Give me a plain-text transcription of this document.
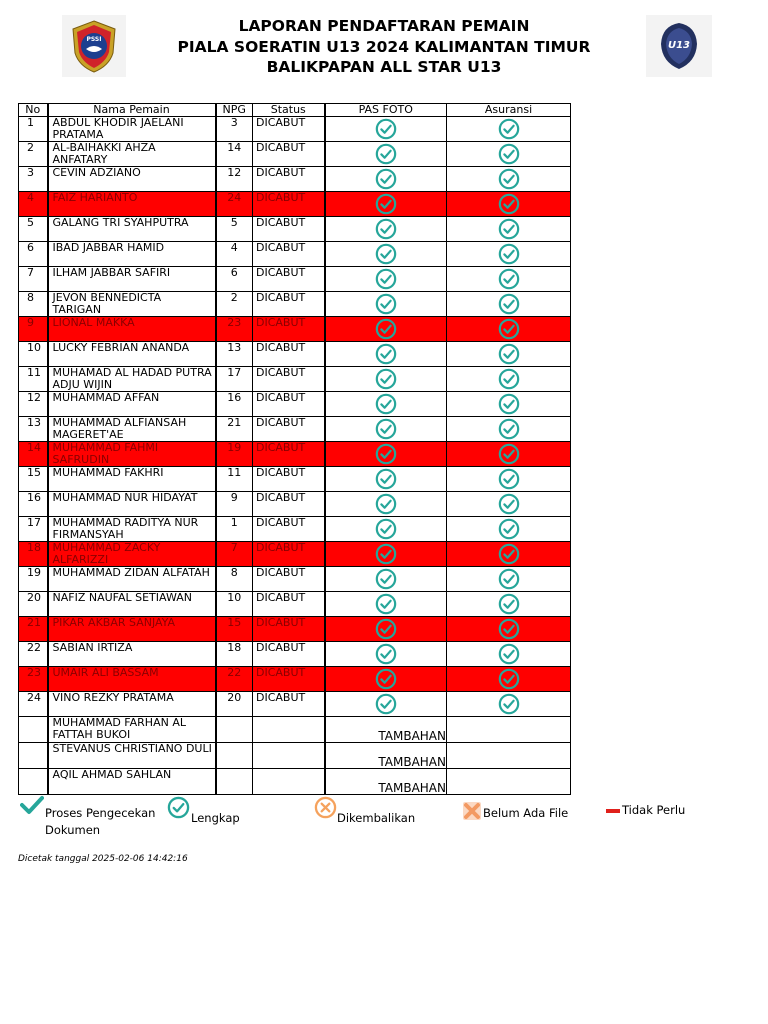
PSSI
U13
LAPORAN PENDAFTARAN PEMAIN
PIALA SOERATIN U13 2024 KALIMANTAN TIMUR
BALIKPAPAN ALL STAR U13
No	Nama Pemain	NPG	Status	PAS FOTO	Asuransi
1	ABDUL KHODIR JAELANI PRATAMA	3	DICABUT		
2	AL-BAIHAKKI AHZA ANFATARY	14	DICABUT		
3	CEVIN ADZIANO	12	DICABUT		
4	FAIZ HARIANTO	24	DICABUT		
5	GALANG TRI SYAHPUTRA	5	DICABUT		
6	IBAD JABBAR HAMID	4	DICABUT		
7	ILHAM JABBAR SAFIRI	6	DICABUT		
8	JEVON BENNEDICTA TARIGAN	2	DICABUT		
9	LIONAL MAKKA	23	DICABUT		
10	LUCKY FEBRIAN ANANDA	13	DICABUT		
11	MUHAMAD AL HADAD PUTRA ADJU WIJIN	17	DICABUT		
12	MUHAMMAD AFFAN	16	DICABUT		
13	MUHAMMAD ALFIANSAH MAGERET'AE	21	DICABUT		
14	MUHAMMAD FAHMI SAFRUDIN	19	DICABUT		
15	MUHAMMAD FAKHRI	11	DICABUT		
16	MUHAMMAD NUR HIDAYAT	9	DICABUT		
17	MUHAMMAD RADITYA NUR FIRMANSYAH	1	DICABUT		
18	MUHAMMAD ZACKY ALFARIZZI	7	DICABUT		
19	MUHAMMAD ZIDAN ALFATAH	8	DICABUT		
20	NAFIZ NAUFAL SETIAWAN	10	DICABUT		
21	PIKAR AKBAR SANJAYA	15	DICABUT		
22	SABIAN IRTIZA	18	DICABUT		
23	UMAIR ALI BASSAM	22	DICABUT		
24	VINO REZKY PRATAMA	20	DICABUT		
	MUHAMMAD FARHAN AL FATTAH BUKOI			TAMBAHAN	
	STEVANUS CHRISTIANO DULI			TAMBAHAN	
	AQIL AHMAD SAHLAN			TAMBAHAN	
Proses Pengecekan Dokumen
Lengkap	Dikembalikan	Belum Ada File	Tidak Perlu
Dicetak tanggal 2025-02-06 14:42:16
